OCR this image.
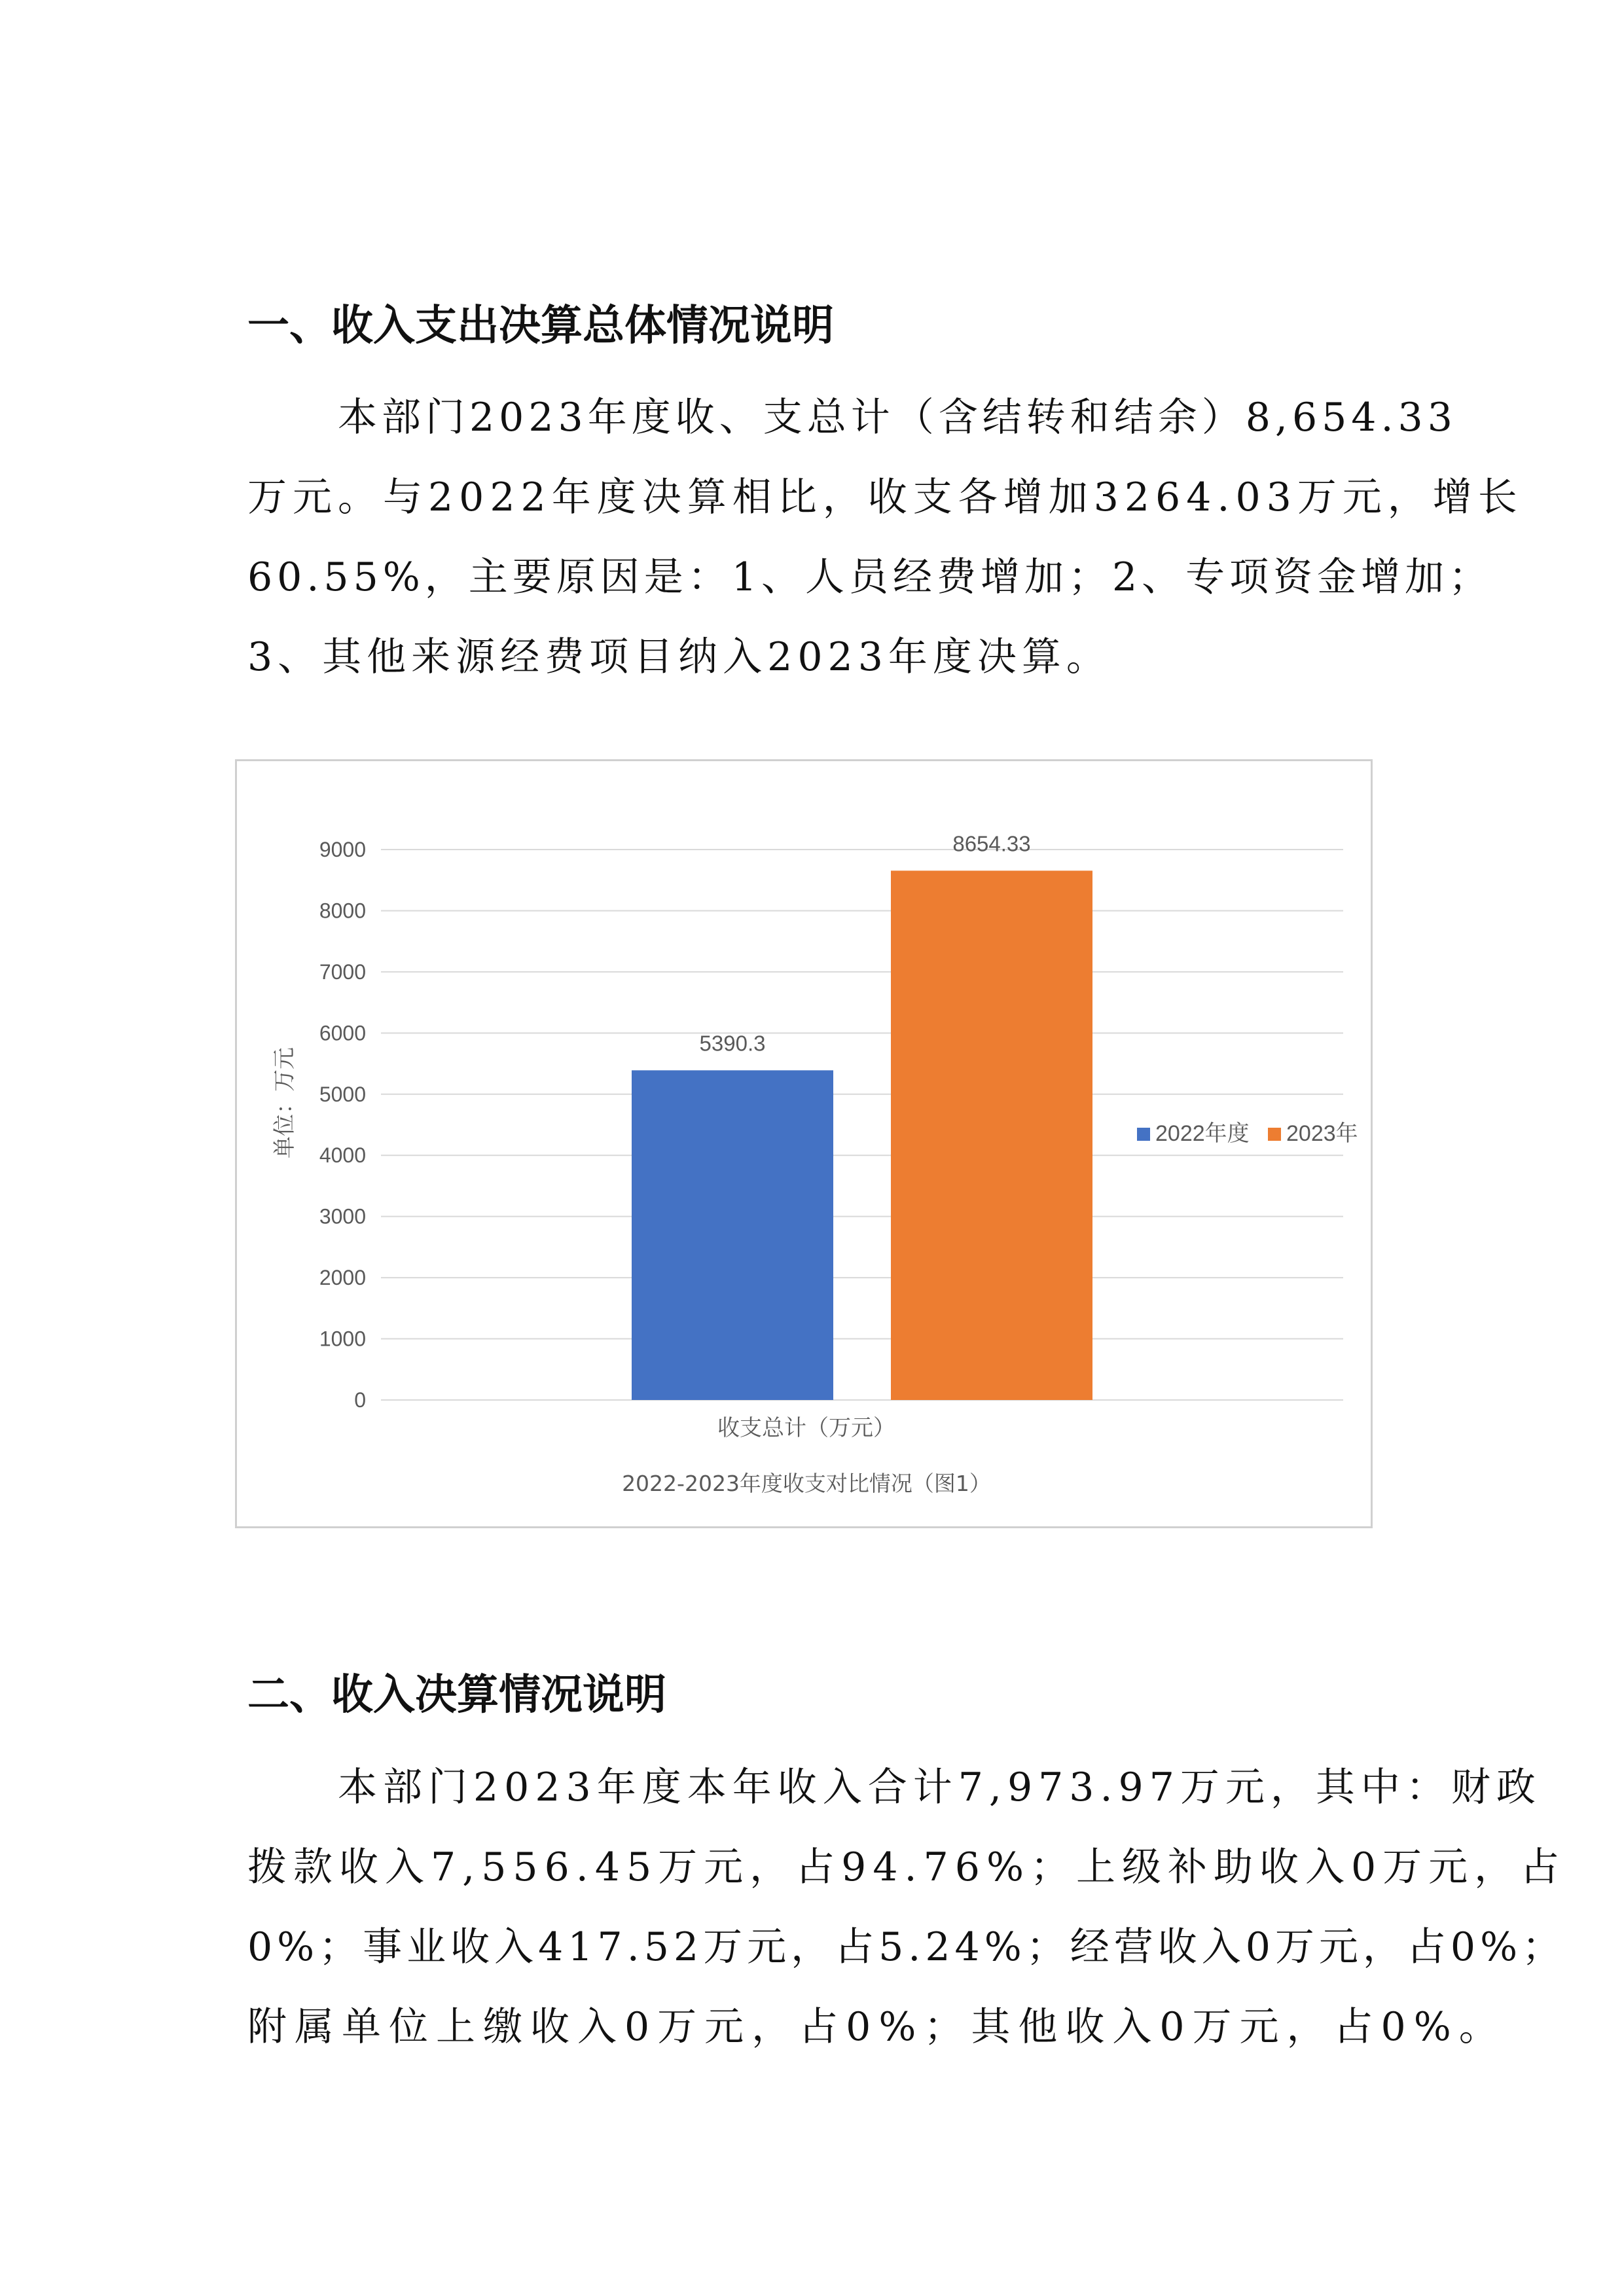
一、收入支出决算总体情况说明
本部门2023年度收、支总计（含结转和结余）8,654.33
万元。与2022年度决算相比，收支各增加3264.03万元，增长
60.55%，主要原因是：1、人员经费增加；2、专项资金增加；
3、其他来源经费项目纳入2023年度决算。
0
1000
2000
3000
4000
5000
6000
7000
8000
9000
5390.3
8654.33
单位：万元
收支总计（万元）
2022-2023年度收支对比情况（图1）
2022年度 2023年
二、收入决算情况说明
本部门2023年度本年收入合计7,973.97万元，其中：财政
拨款收入7,556.45万元，占94.76%；上级补助收入0万元，占
0%；事业收入417.52万元，占5.24%；经营收入0万元，占0%；
附属单位上缴收入0万元，占0%；其他收入0万元，占0%。
